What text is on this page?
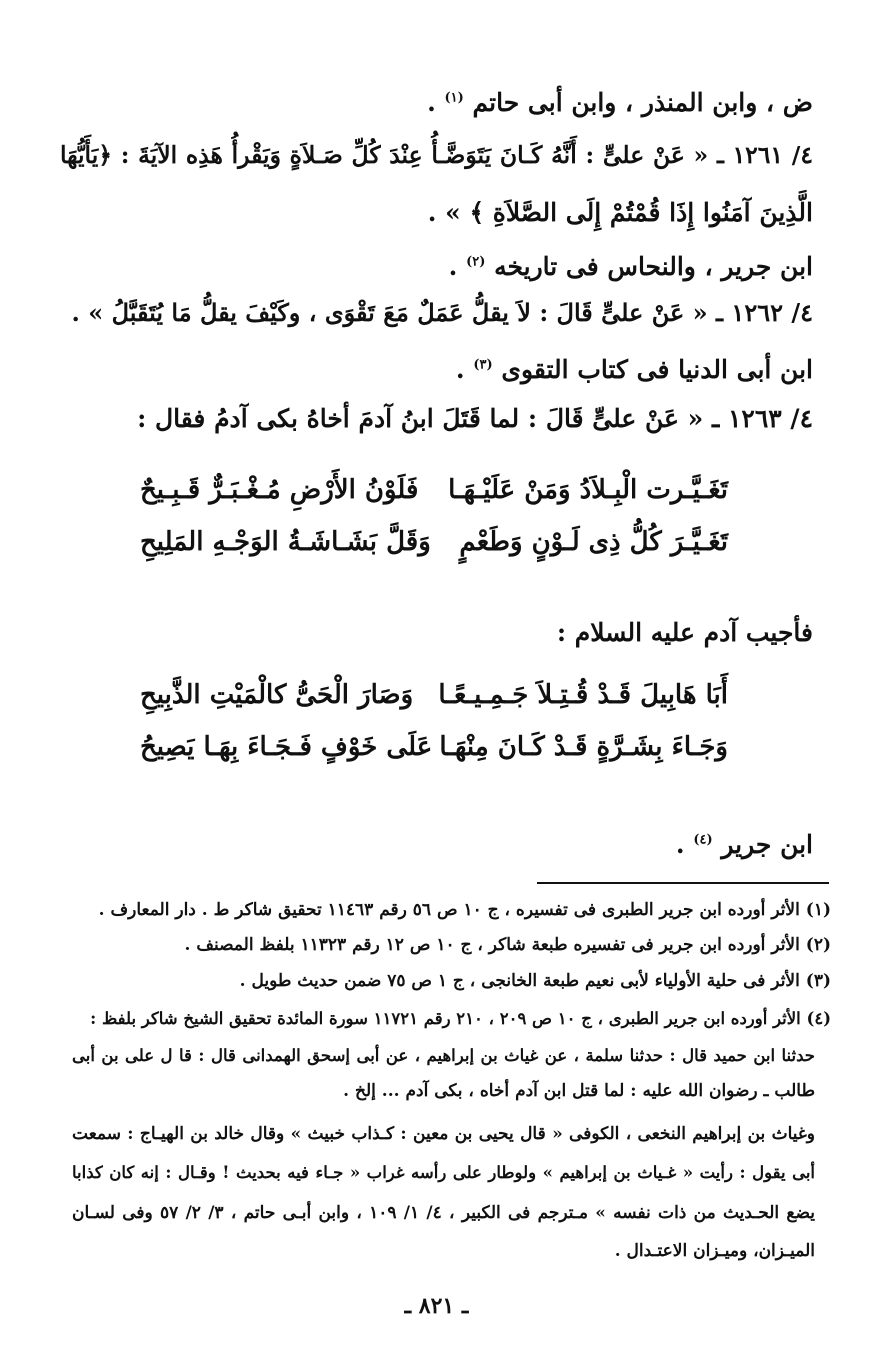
ض ، وابن المنذر ، وابن أبى حاتم $^{(١)}$ .
٤/ ١٢٦١ ـ « عَنْ علىٍّ : أَنَّهُ كَـانَ يَتَوَضَّـأُ عِنْدَ كُلِّ صَـلاَةٍ وَيَقْرأُ هَذِه الآيَةَ : ﴿يَأَيُّهَا
الَّذِينَ آمَنُوا إِذَا قُمْتُمْ إِلَى الصَّلاَةِ ﴾ » .
ابن جرير ، والنحاس فى تاريخه $^{(٢)}$ .
٤/ ١٢٦٢ ـ « عَنْ علىٍّ قَالَ : لاَ يقلُّ عَمَلٌ مَعَ تَقْوَى ، وكَيْفَ يقلُّ مَا يُتَقَبَّلُ » .
ابن أبى الدنيا فى كتاب التقوى $^{(٣)}$ .
٤/ ١٢٦٣ ـ « عَنْ علىٍّ قَالَ : لما قَتَلَ ابنُ آدمَ أخاهُ بكى آدمُ فقال :
تَغَـيَّـرت الْبِـلاَدُ وَمَنْ عَلَيْـهَـا
فَلَوْنُ الأَرْضِ مُـغْـبَـرٌّ قَـبِـيحٌ
تَغَـيَّـرَ كُلُّ ذِى لَـوْنٍ وَطَعْمٍ
وَقَلَّ بَشَـاشَـةُ الوَجْـهِ المَلِيحِ
فأجيب آدم عليه السلام :
أَبَا هَابِيلَ قَـدْ قُـتِـلاَ جَـمِـيـعًـا
وَصَارَ الْحَىُّ كالْمَيْتِ الذَّبِيحِ
وَجَـاءَ بِشَـرَّةٍ قَـدْ كَـانَ مِنْهَـا
عَلَى خَوْفٍ فَـجَـاءَ بِهَـا يَصِيحُ
ابن جرير $^{(٤)}$ .
(١) الأثر أورده ابن جرير الطبرى فى تفسيره ، ج ١٠ ص ٥٦ رقم ١١٤٦٣ تحقيق شاكر ط . دار المعارف .
(٢) الأثر أورده ابن جرير فى تفسيره طبعة شاكر ، ج ١٠ ص ١٢ رقم ١١٣٢٣ بلفظ المصنف .
(٣) الأثر فى حلية الأولياء لأبى نعيم طبعة الخانجى ، ج ١ ص ٧٥ ضمن حديث طويل .
(٤) الأثر أورده ابن جرير الطبرى ، ج ١٠ ص ٢٠٩ ، ٢١٠ رقم ١١٧٢١ سورة المائدة تحقيق الشيخ شاكر بلفظ :
حدثنا ابن حميد قال : حدثنا سلمة ، عن غياث بن إبراهيم ، عن أبى إسحق الهمدانى قال : قا ل على بن أبى
طالب ـ رضوان الله عليه : لما قتل ابن آدم أخاه ، بكى آدم ... إلخ .
وغياث بن إبراهيم النخعى ، الكوفى « قال يحيى بن معين : كـذاب خبيث » وقال خالد بن الهيـاج : سمعت
أبى يقول : رأيت « غـياث بن إبراهيم » ولوطار على رأسه غراب « جـاء فيه بحديث ! وقـال : إنه كان كذابا
يضع الحـديث من ذات نفسه » مـترجم فى الكبير ، ٤/ ١/ ١٠٩ ، وابن أبـى حاتم ، ٣/ ٢/ ٥٧ وفى لسـان
الميـزان، وميـزان الاعتـدال .
ـ ٨٢١ ـ
